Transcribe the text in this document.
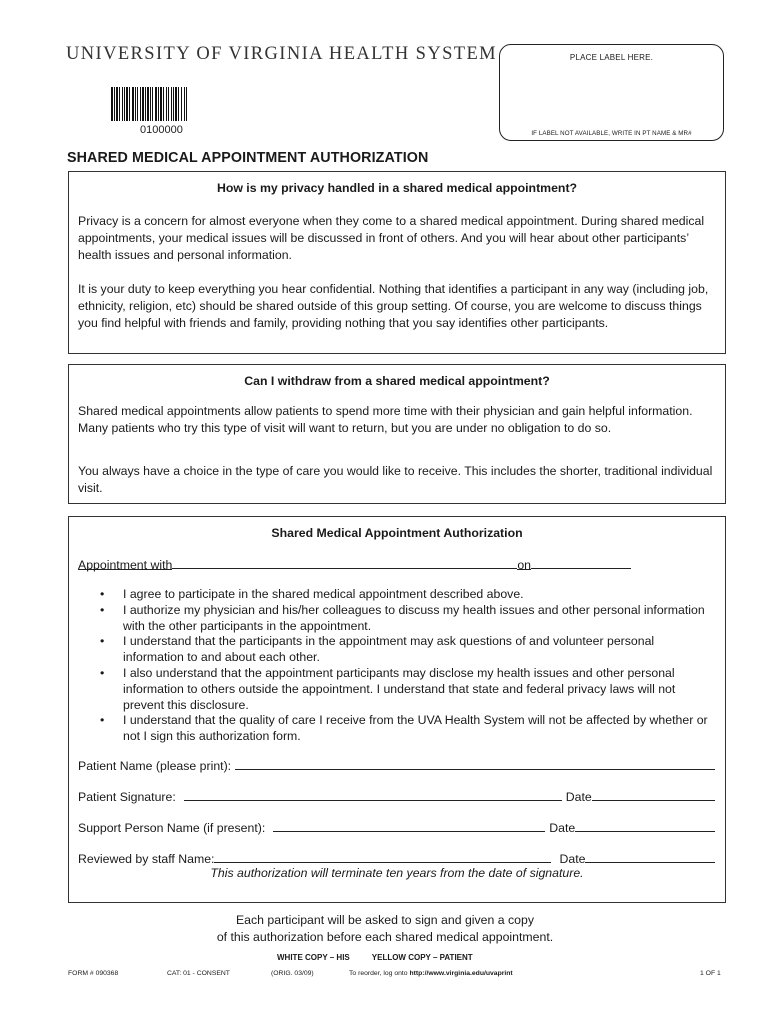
UNIVERSITY OF VIRGINIA HEALTH SYSTEM
0100000
PLACE LABEL HERE.
IF LABEL NOT AVAILABLE, WRITE IN PT NAME & MR#
SHARED MEDICAL APPOINTMENT AUTHORIZATION
How is my privacy handled in a shared medical appointment?
Privacy is a concern for almost everyone when they come to a shared medical appointment. During shared medical appointments, your medical issues will be discussed in front of others. And you will hear about other participants’ health issues and personal information.
It is your duty to keep everything you hear confidential. Nothing that identifies a participant in any way (including job, ethnicity, religion, etc) should be shared outside of this group setting. Of course, you are welcome to discuss things you find helpful with friends and family, providing nothing that you say identifies other participants.
Can I withdraw from a shared medical appointment?
Shared medical appointments allow patients to spend more time with their physician and gain helpful information. Many patients who try this type of visit will want to return, but you are under no obligation to do so.
You always have a choice in the type of care you would like to receive. This includes the shorter, traditional individual visit.
Shared Medical Appointment Authorization
Appointment with	on
• I agree to participate in the shared medical appointment described above.
• I authorize my physician and his/her colleagues to discuss my health issues and other personal information with the other participants in the appointment.
• I understand that the participants in the appointment may ask questions of and volunteer personal information to and about each other.
• I also understand that the appointment participants may disclose my health issues and other personal information to others outside the appointment. I understand that state and federal privacy laws will not prevent this disclosure.
• I understand that the quality of care I receive from the UVA Health System will not be affected by whether or not I sign this authorization form.
Patient Name (please print):
Patient Signature:	Date
Support Person Name (if present):	Date
Reviewed by staff Name:	Date
This authorization will terminate ten years from the date of signature.
Each participant will be asked to sign and given a copy
of this authorization before each shared medical appointment.
WHITE COPY – HIS	YELLOW COPY – PATIENT
FORM # 090368	CAT: 01 - CONSENT	(ORIG. 03/09)	To reorder, log onto http://www.virginia.edu/uvaprint	1 OF 1
